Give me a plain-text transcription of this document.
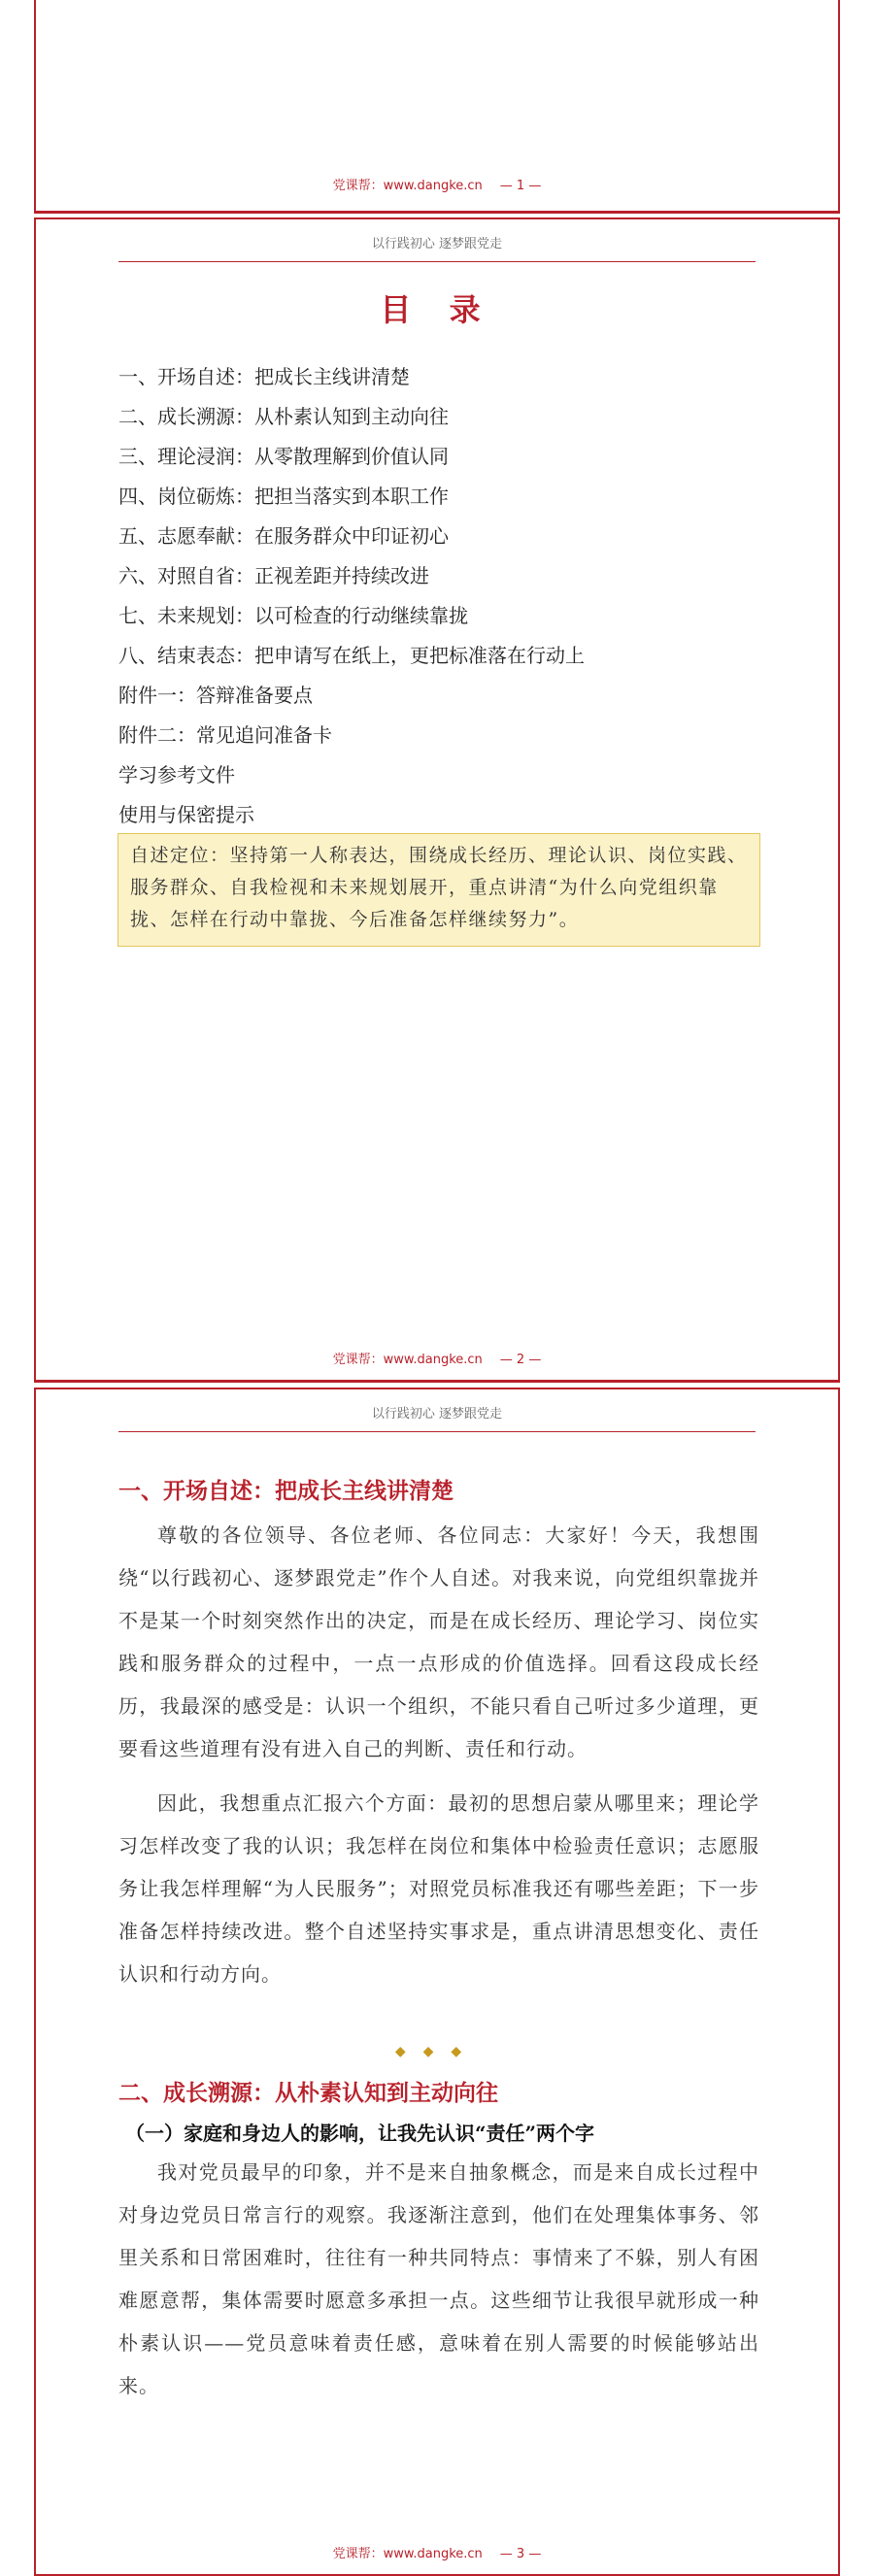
党课帮：www.dangke.cn — 1 —
以行践初心 逐梦跟党走
目 录
一、开场自述：把成长主线讲清楚
二、成长溯源：从朴素认知到主动向往
三、理论浸润：从零散理解到价值认同
四、岗位砺炼：把担当落实到本职工作
五、志愿奉献：在服务群众中印证初心
六、对照自省：正视差距并持续改进
七、未来规划：以可检查的行动继续靠拢
八、结束表态：把申请写在纸上，更把标准落在行动上
附件一：答辩准备要点
附件二：常见追问准备卡
学习参考文件
使用与保密提示
自述定位：坚持第一人称表达，围绕成长经历、理论认识、岗位实践、服务群众、自我检视和未来规划展开，重点讲清“为什么向党组织靠拢、怎样在行动中靠拢、今后准备怎样继续努力”。
党课帮：www.dangke.cn — 2 —
以行践初心 逐梦跟党走
一、开场自述：把成长主线讲清楚
尊敬的各位领导、各位老师、各位同志：大家好！今天，我想围绕“以行践初心、逐梦跟党走”作个人自述。对我来说，向党组织靠拢并不是某一个时刻突然作出的决定，而是在成长经历、理论学习、岗位实践和服务群众的过程中，一点一点形成的价值选择。回看这段成长经历，我最深的感受是：认识一个组织，不能只看自己听过多少道理，更要看这些道理有没有进入自己的判断、责任和行动。
因此，我想重点汇报六个方面：最初的思想启蒙从哪里来；理论学习怎样改变了我的认识；我怎样在岗位和集体中检验责任意识；志愿服务让我怎样理解“为人民服务”；对照党员标准我还有哪些差距；下一步准备怎样持续改进。整个自述坚持实事求是，重点讲清思想变化、责任认识和行动方向。
◆◆◆
二、成长溯源：从朴素认知到主动向往
（一）家庭和身边人的影响，让我先认识“责任”两个字
我对党员最早的印象，并不是来自抽象概念，而是来自成长过程中对身边党员日常言行的观察。我逐渐注意到，他们在处理集体事务、邻里关系和日常困难时，往往有一种共同特点：事情来了不躲，别人有困难愿意帮，集体需要时愿意多承担一点。这些细节让我很早就形成一种朴素认识——党员意味着责任感，意味着在别人需要的时候能够站出来。
党课帮：www.dangke.cn — 3 —
